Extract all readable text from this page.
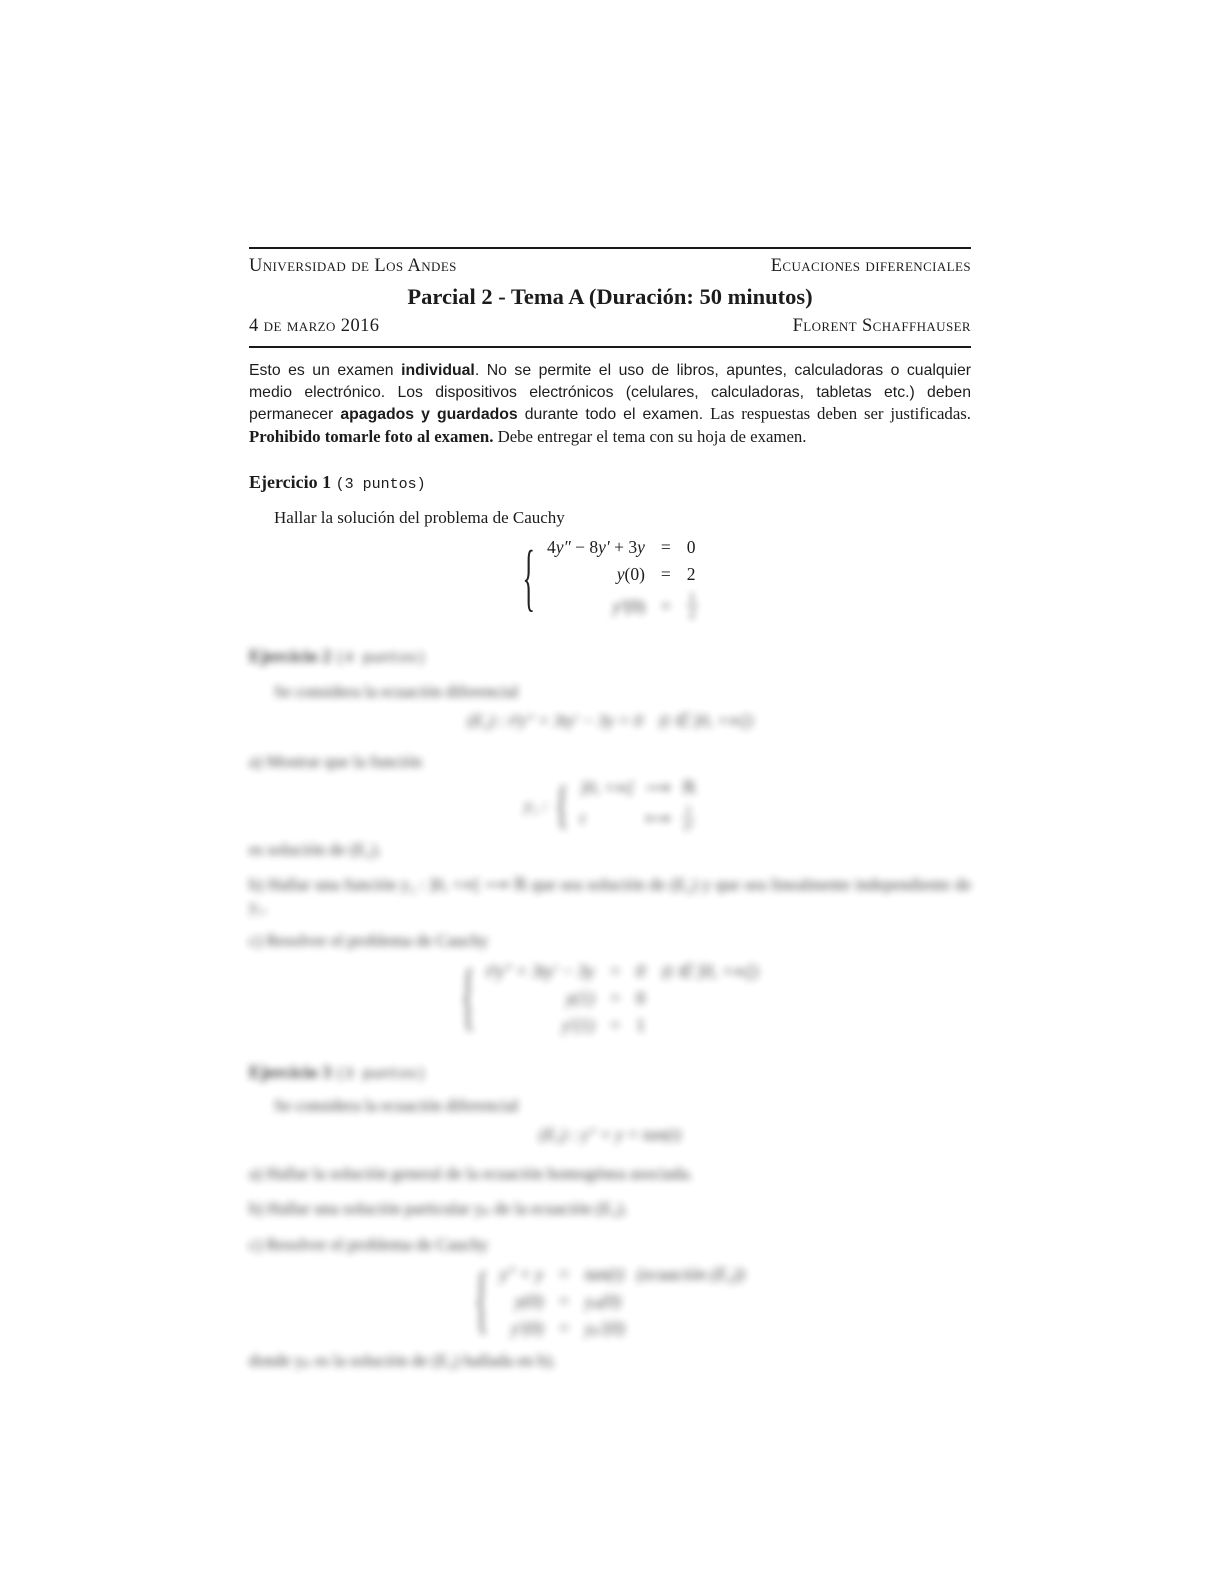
Universidad de Los Andes	Ecuaciones diferenciales
Parcial 2 - Tema A (Duración: 50 minutos)
4 de marzo 2016	Florent Schaffhauser

Esto es un examen individual. No se permite el uso de libros, apuntes, calculadoras o cualquier medio electrónico. Los dispositivos electrónicos (celulares, calculadoras, tabletas etc.) deben permanecer apagados y guardados durante todo el examen. Las respuestas deben ser justificadas. Prohibido tomarle foto al examen. Debe entregar el tema con su hoja de examen.

Ejercicio 1 (3 puntos)
Hallar la solución del problema de Cauchy
{ 4y″ − 8y′ + 3y = 0
y(0) = 2
$y'(0) = \frac{1}{2}$
Ejercicio 2 (4 puntos)
Se considera la ecuación diferencial
(E₂) : t²y″ + 3ty′ − 3y = 0    (t ∈ ]0, +∞[)
a) Mostrar que la función
y₁ : { ]0, +∞[ ⟶ ℝ
t	⟼ $\frac{1}{\text{t³}}$
es solución de (E₂).
b) Hallar una función y₂ : ]0, +∞[ ⟶ ℝ que sea solución de (E₂) y que sea linealmente independiente de y₁.
c) Resolver el problema de Cauchy
{ t²y″ + 3ty′ − 3y = 0    (t ∈ ]0, +∞[)
y(1) = 0
y′(1) = 1
Ejercicio 3 (3 puntos)
Se considera la ecuación diferencial
(E₃) : y″ + y = tan(t)
a) Hallar la solución general de la ecuación homogénea asociada.
b) Hallar una solución particular yₚ de la ecuación (E₃).
c) Resolver el problema de Cauchy
{ y″ + y = tan(t)   (ecuación (E₃))
y(0) = yₚ(0)
y′(0) = yₚ′(0)
donde yₚ es la solución de (E₃) hallada en b).
